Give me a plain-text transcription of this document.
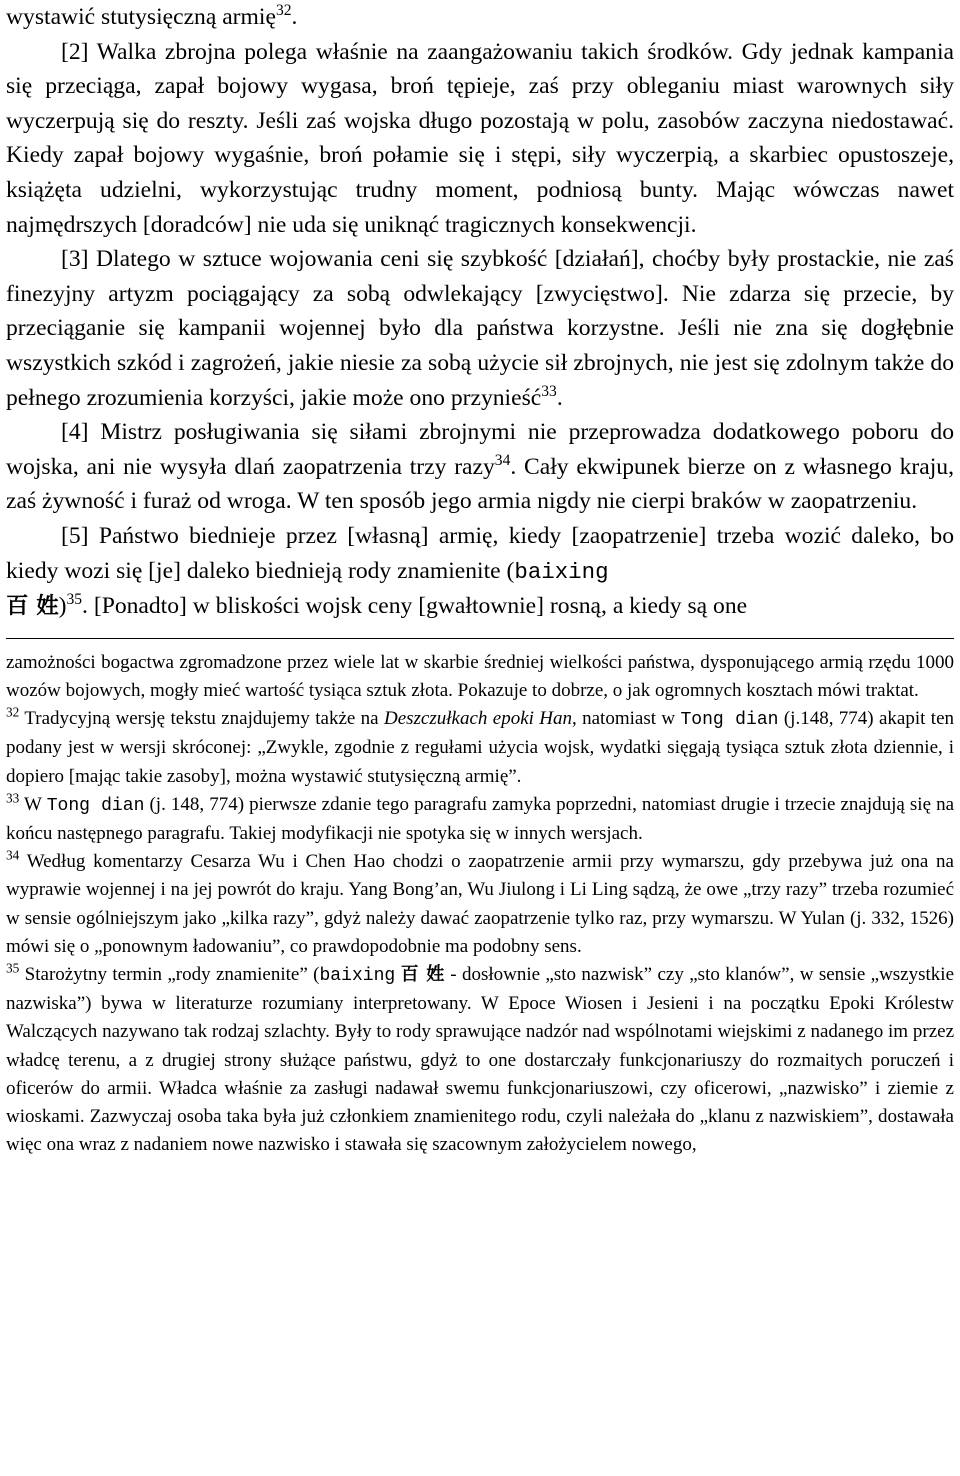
wystawić stutysięczną armię$^{32}$.

[2] Walka zbrojna polega właśnie na zaangażowaniu takich środków. Gdy jednak kampania się przeciąga, zapał bojowy wygasa, broń tępieje, zaś przy obleganiu miast warownych siły wyczerpują się do reszty. Jeśli zaś wojska długo pozostają w polu, zasobów zaczyna niedostawać. Kiedy zapał bojowy wygaśnie, broń połamie się i stępi, siły wyczerpią, a skarbiec opustoszeje, książęta udzielni, wykorzystując trudny moment, podniosą bunty. Mając wówczas nawet najmędrszych [doradców] nie uda się uniknąć tragicznych konsekwencji.

[3] Dlatego w sztuce wojowania ceni się szybkość [działań], choćby były prostackie, nie zaś finezyjny artyzm pociągający za sobą odwlekający [zwycięstwo]. Nie zdarza się przecie, by przeciąganie się kampanii wojennej było dla państwa korzystne. Jeśli nie zna się dogłębnie wszystkich szkód i zagrożeń, jakie niesie za sobą użycie sił zbrojnych, nie jest się zdolnym także do pełnego zrozumienia korzyści, jakie może ono przynieść$^{33}$.

[4] Mistrz posługiwania się siłami zbrojnymi nie przeprowadza dodatkowego poboru do wojska, ani nie wysyła dlań zaopatrzenia trzy razy$^{34}$. Cały ekwipunek bierze on z własnego kraju, zaś żywność i furaż od wroga. W ten sposób jego armia nigdy nie cierpi braków w zaopatrzeniu.

[5] Państwo biednieje przez [własną] armię, kiedy [zaopatrzenie] trzeba wozić daleko, bo kiedy wozi się [je] daleko biednieją rody znamienite (baixing
百 姓)$^{35}$. [Ponadto] w bliskości wojsk ceny [gwałtownie] rosną, a kiedy są one

zamożności bogactwa zgromadzone przez wiele lat w skarbie średniej wielkości państwa, dysponującego armią rzędu 1000 wozów bojowych, mogły mieć wartość tysiąca sztuk złota. Pokazuje to dobrze, o jak ogromnych kosztach mówi traktat.

$^{32}$ Tradycyjną wersję tekstu znajdujemy także na Deszczułkach epoki Han, natomiast w Tong dian (j.148, 774) akapit ten podany jest w wersji skróconej: „Zwykle, zgodnie z regułami użycia wojsk, wydatki sięgają tysiąca sztuk złota dziennie, i dopiero [mając takie zasoby], można wystawić stutysięczną armię”.

$^{33}$ W Tong dian (j. 148, 774) pierwsze zdanie tego paragrafu zamyka poprzedni, natomiast drugie i trzecie znajdują się na końcu następnego paragrafu. Takiej modyfikacji nie spotyka się w innych wersjach.

$^{34}$ Według komentarzy Cesarza Wu i Chen Hao chodzi o zaopatrzenie armii przy wymarszu, gdy przebywa już ona na wyprawie wojennej i na jej powrót do kraju. Yang Bong’an, Wu Jiulong i Li Ling sądzą, że owe „trzy razy” trzeba rozumieć w sensie ogólniejszym jako „kilka razy”, gdyż należy dawać zaopatrzenie tylko raz, przy wymarszu. W Yulan (j. 332, 1526) mówi się o „ponownym ładowaniu”, co prawdopodobnie ma podobny sens.

$^{35}$ Starożytny termin „rody znamienite” (baixing 百 姓 - dosłownie „sto nazwisk” czy „sto klanów”, w sensie „wszystkie nazwiska”) bywa w literaturze rozumiany interpretowany. W Epoce Wiosen i Jesieni i na początku Epoki Królestw Walczących nazywano tak rodzaj szlachty. Były to rody sprawujące nadzór nad wspólnotami wiejskimi z nadanego im przez władcę terenu, a z drugiej strony służące państwu, gdyż to one dostarczały funkcjonariuszy do rozmaitych poruczeń i oficerów do armii. Władca właśnie za zasługi nadawał swemu funkcjonariuszowi, czy oficerowi, „nazwisko” i ziemie z wioskami. Zazwyczaj osoba taka była już członkiem znamienitego rodu, czyli należała do „klanu z nazwiskiem”, dostawała więc ona wraz z nadaniem nowe nazwisko i stawała się szacownym założycielem nowego,
